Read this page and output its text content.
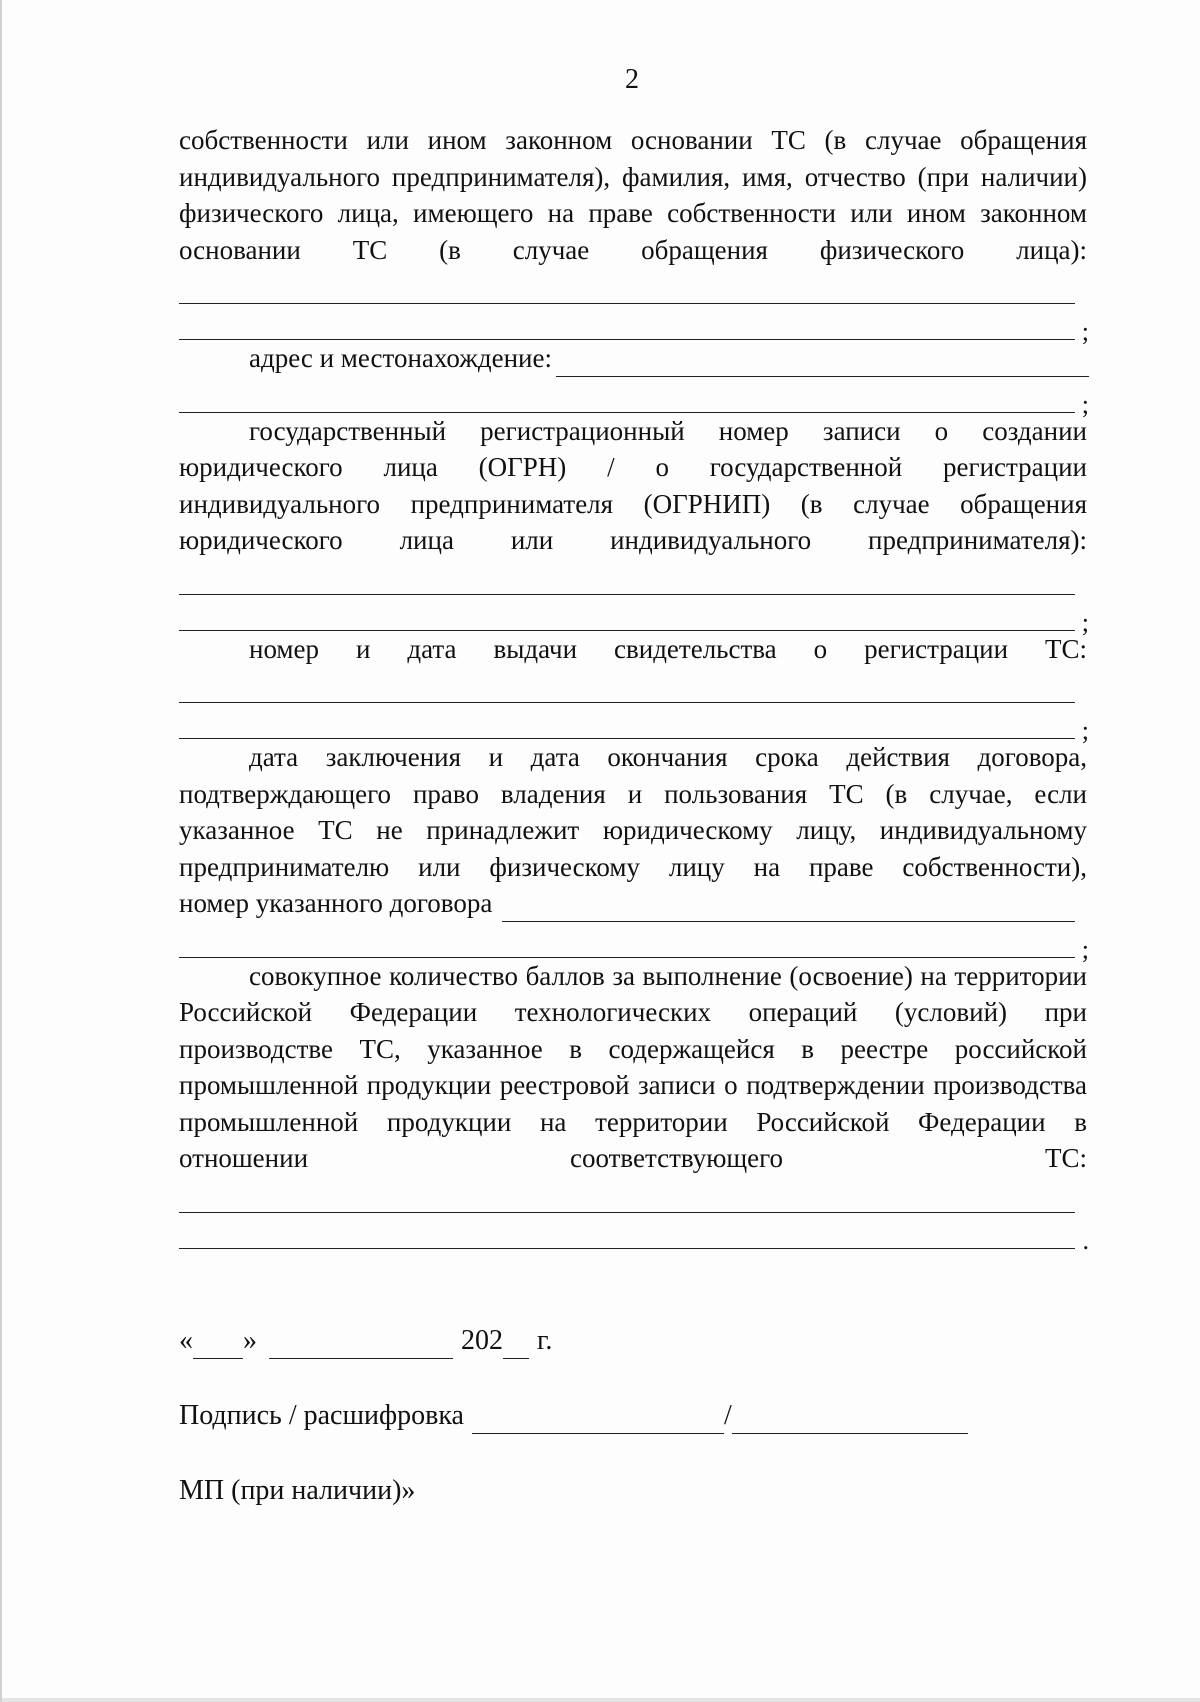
2

собственности или ином законном основании ТС (в случае обращения индивидуального предпринимателя), фамилия, имя, отчество (при наличии) физического лица, имеющего на праве собственности или ином законном основании ТС (в случае обращения физического лица):

;
адрес и местонахождение:
;

государственный регистрационный номер записи о создании юридического лица (ОГРН) / о государственной регистрации индивидуального предпринимателя (ОГРНИП) (в случае обращения юридического лица или индивидуального предпринимателя):

;

номер и дата выдачи свидетельства о регистрации ТС:

;

дата заключения и дата окончания срока действия договора, подтверждающего право владения и пользования ТС (в случае, если указанное ТС не принадлежит юридическому лицу, индивидуальному предпринимателю или физическому лицу на праве собственности),

номер указанного договора
;

совокупное количество баллов за выполнение (освоение) на территории Российской Федерации технологических операций (условий) при производстве ТС, указанное в содержащейся в реестре российской промышленной продукции реестровой записи о подтверждении производства промышленной продукции на территории Российской Федерации в отношении соответствующего ТС:

.
« »	202 г.
Подпись / расшифровка	/
МП (при наличии)»
